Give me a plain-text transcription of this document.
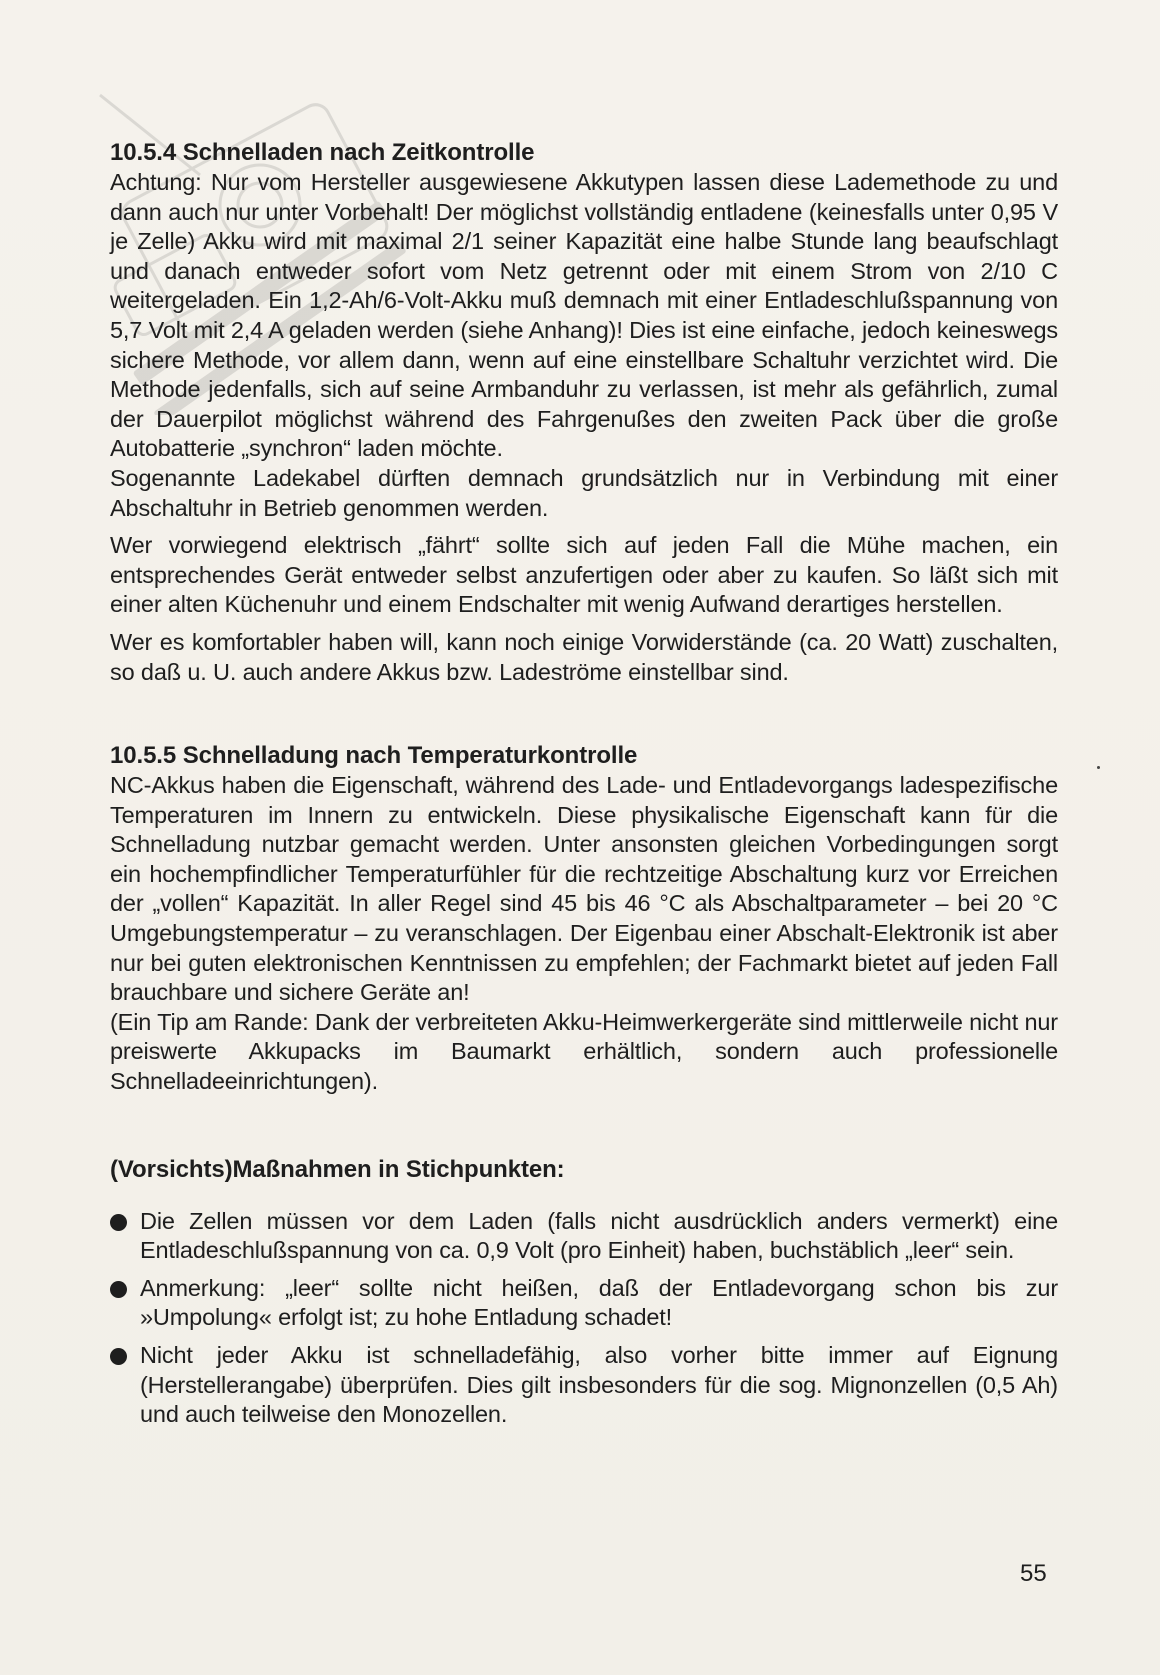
10.5.4 Schnelladen nach Zeitkontrolle

Achtung: Nur vom Hersteller ausgewiesene Akkutypen lassen diese Lademethode zu und dann auch nur unter Vorbehalt! Der möglichst vollständig entladene (keinesfalls unter 0,95 V je Zelle) Akku wird mit maximal 2/1 seiner Kapazität eine halbe Stunde lang beaufschlagt und danach entweder sofort vom Netz getrennt oder mit einem Strom von 2/10 C weitergeladen. Ein 1,2-Ah/6-Volt-Akku muß demnach mit einer Entladeschlußspannung von 5,7 Volt mit 2,4 A geladen werden (siehe Anhang)! Dies ist eine einfache, jedoch keineswegs sichere Methode, vor allem dann, wenn auf eine einstellbare Schaltuhr verzichtet wird. Die Methode jedenfalls, sich auf seine Armbanduhr zu verlassen, ist mehr als gefährlich, zumal der Dauerpilot möglichst während des Fahrgenußes den zweiten Pack über die große Autobatterie „synchron“ laden möchte.

Sogenannte Ladekabel dürften demnach grundsätzlich nur in Verbindung mit einer Abschaltuhr in Betrieb genommen werden.

Wer vorwiegend elektrisch „fährt“ sollte sich auf jeden Fall die Mühe machen, ein entsprechendes Gerät entweder selbst anzufertigen oder aber zu kaufen. So läßt sich mit einer alten Küchenuhr und einem Endschalter mit wenig Aufwand derartiges herstellen.

Wer es komfortabler haben will, kann noch einige Vorwiderstände (ca. 20 Watt) zuschalten, so daß u. U. auch andere Akkus bzw. Ladeströme einstellbar sind.

10.5.5 Schnelladung nach Temperaturkontrolle

NC-Akkus haben die Eigenschaft, während des Lade- und Entladevorgangs ladespezifische Temperaturen im Innern zu entwickeln. Diese physikalische Eigenschaft kann für die Schnelladung nutzbar gemacht werden. Unter ansonsten gleichen Vorbedingungen sorgt ein hochempfindlicher Temperaturfühler für die rechtzeitige Abschaltung kurz vor Erreichen der „vollen“ Kapazität. In aller Regel sind 45 bis 46 °C als Abschaltparameter – bei 20 °C Umgebungstemperatur – zu veranschlagen. Der Eigenbau einer Abschalt-Elektronik ist aber nur bei guten elektronischen Kenntnissen zu empfehlen; der Fachmarkt bietet auf jeden Fall brauchbare und sichere Geräte an!

(Ein Tip am Rande: Dank der verbreiteten Akku-Heimwerkergeräte sind mittlerweile nicht nur preiswerte Akkupacks im Baumarkt erhältlich, sondern auch professionelle Schnelladeeinrichtungen).

(Vorsichts)Maßnahmen in Stichpunkten:
Die Zellen müssen vor dem Laden (falls nicht ausdrücklich anders vermerkt) eine Entladeschlußspannung von ca. 0,9 Volt (pro Einheit) haben, buchstäblich „leer“ sein.
Anmerkung: „leer“ sollte nicht heißen, daß der Entladevorgang schon bis zur »Umpolung« erfolgt ist; zu hohe Entladung schadet!
Nicht jeder Akku ist schnelladefähig, also vorher bitte immer auf Eignung (Herstellerangabe) überprüfen. Dies gilt insbesonders für die sog. Mignonzellen (0,5 Ah) und auch teilweise den Monozellen.
55
